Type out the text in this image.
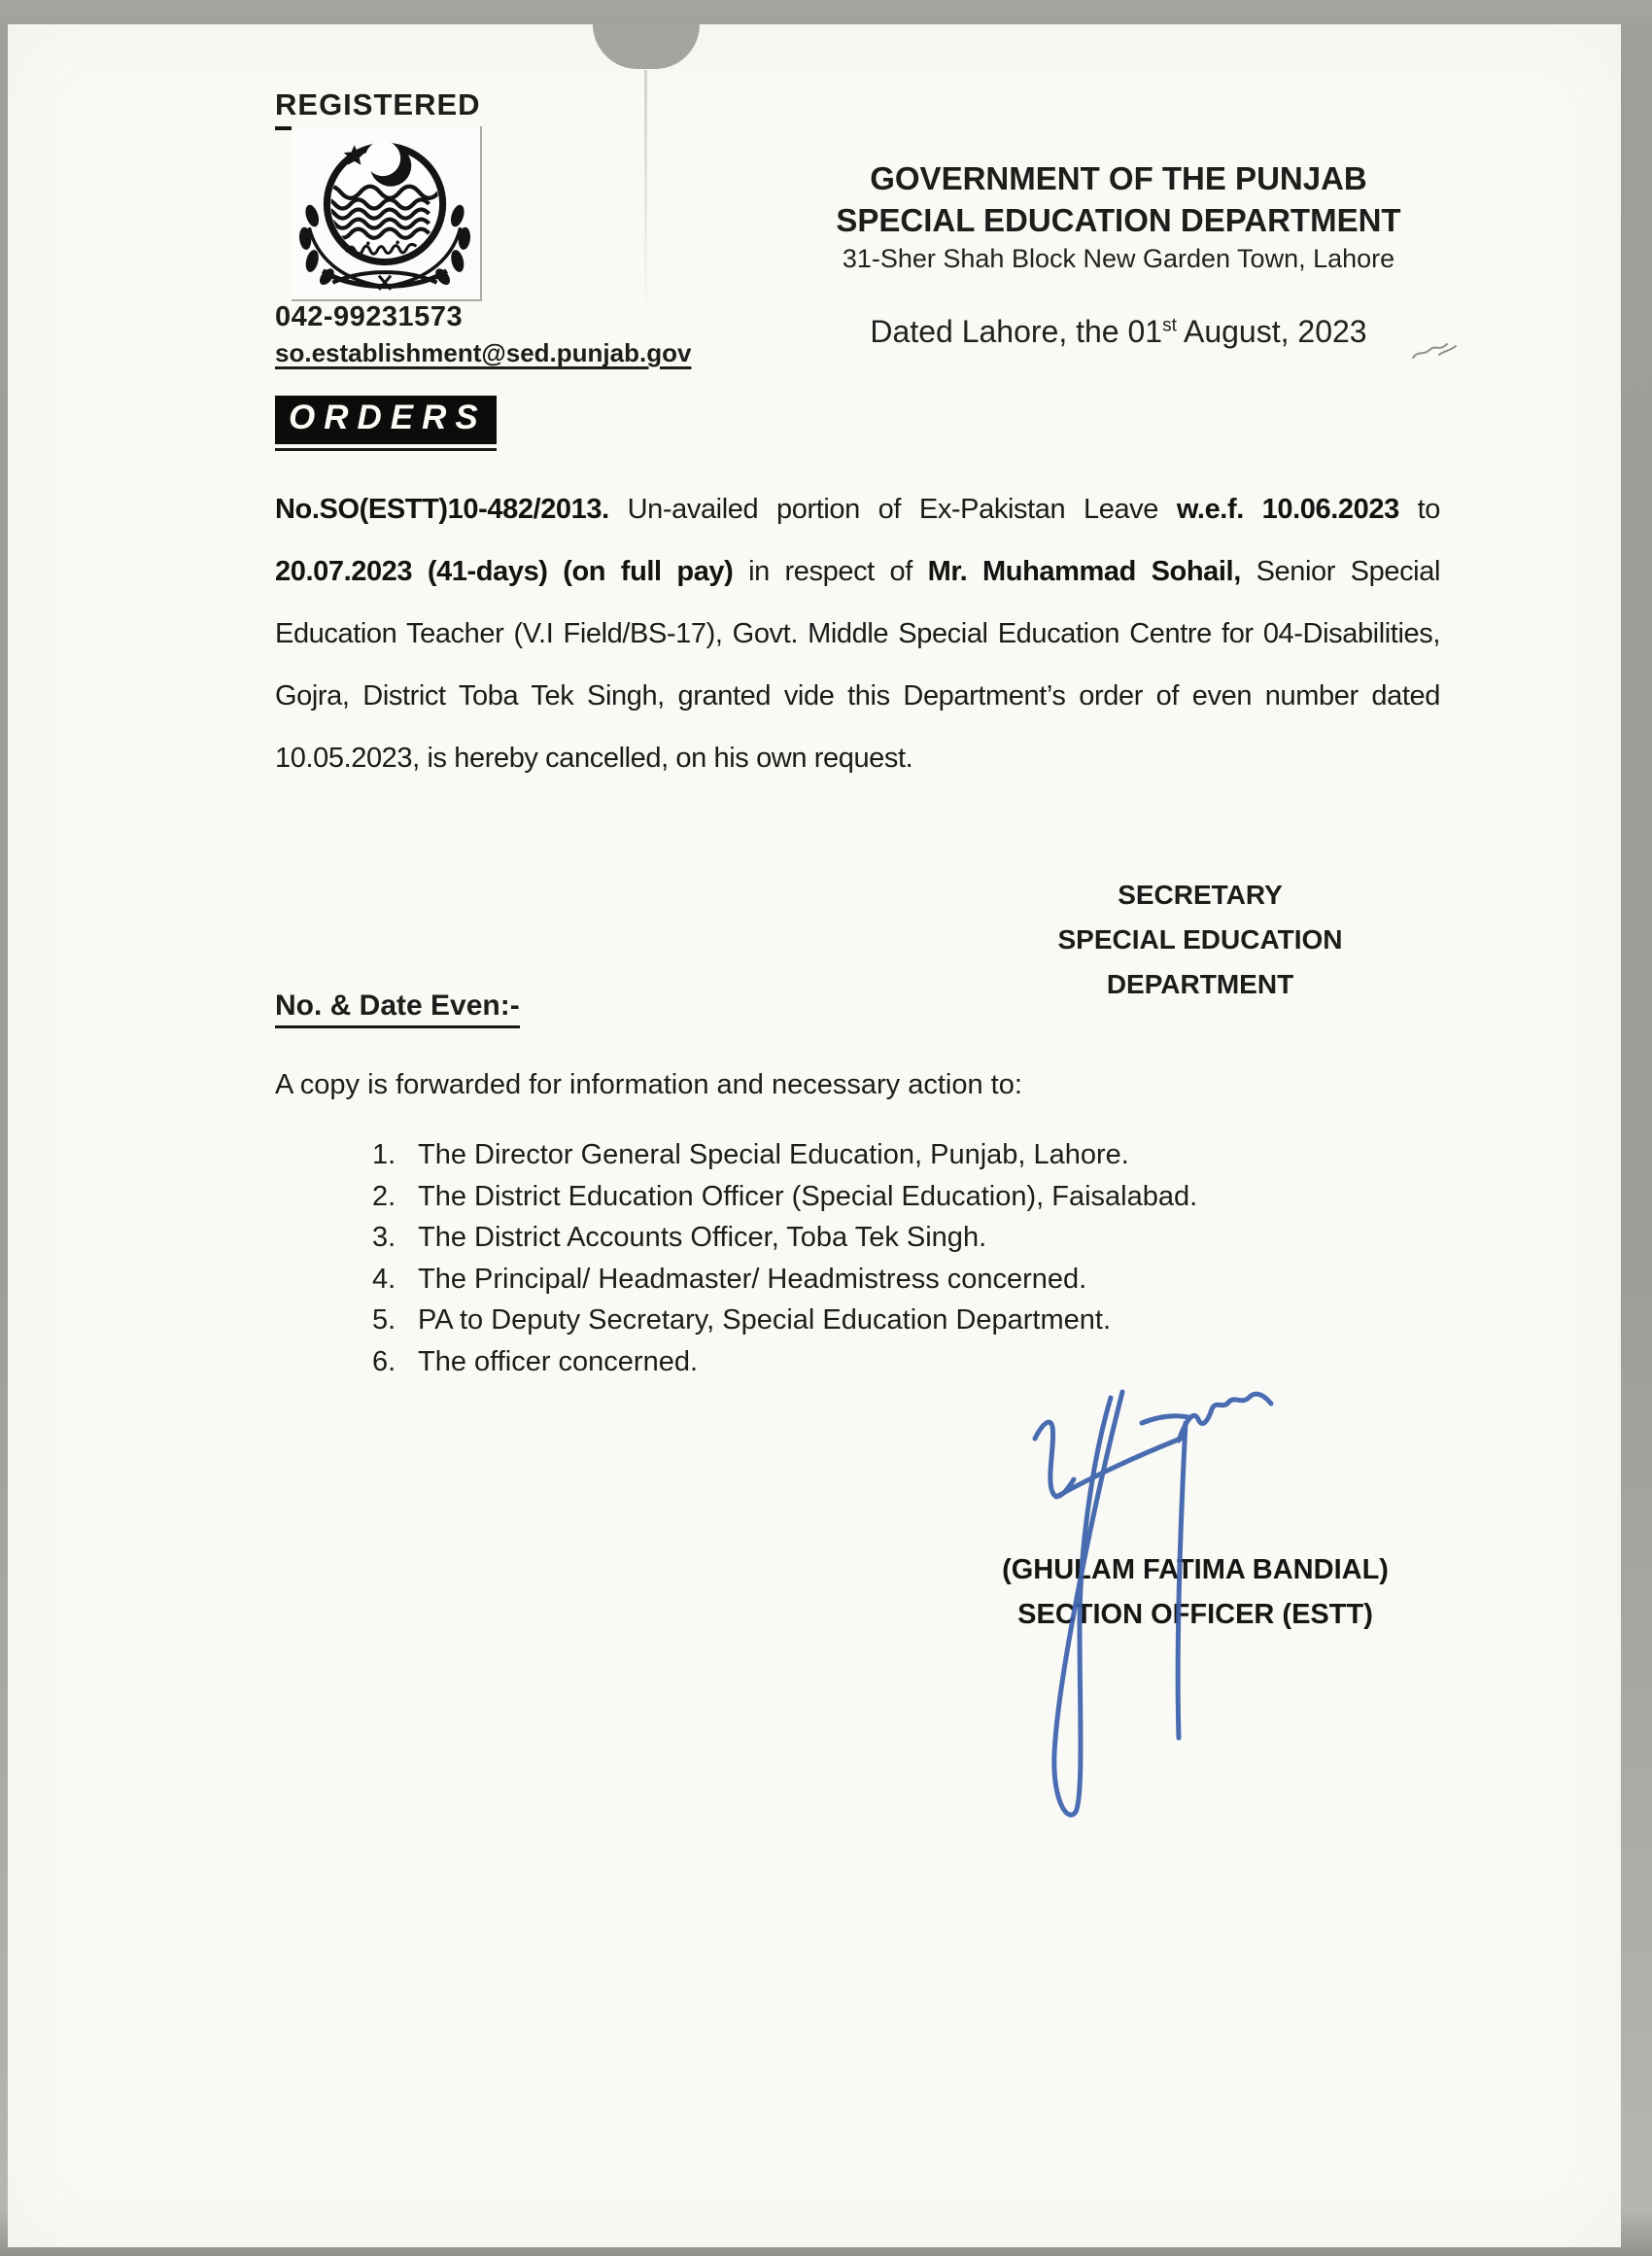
REGISTERED
042-99231573
so.establishment@sed.punjab.gov
GOVERNMENT OF THE PUNJAB
SPECIAL EDUCATION DEPARTMENT
31-Sher Shah Block New Garden Town, Lahore
Dated Lahore, the 01st August, 2023
ORDERS
No.SO(ESTT)10-482/2013. Un-availed portion of Ex-Pakistan Leave w.e.f. 10.06.2023 to 20.07.2023 (41-days) (on full pay) in respect of Mr. Muhammad Sohail, Senior Special Education Teacher (V.I Field/BS-17), Govt. Middle Special Education Centre for 04-Disabilities, Gojra, District Toba Tek Singh, granted vide this Department’s order of even number dated 10.05.2023, is hereby cancelled, on his own request.
SECRETARY
SPECIAL EDUCATION
DEPARTMENT
No. & Date Even:-
A copy is forwarded for information and necessary action to:
1. The Director General Special Education, Punjab, Lahore.
2. The District Education Officer (Special Education), Faisalabad.
3. The District Accounts Officer, Toba Tek Singh.
4. The Principal/ Headmaster/ Headmistress concerned.
5. PA to Deputy Secretary, Special Education Department.
6. The officer concerned.
(GHULAM FATIMA BANDIAL)
SECTION OFFICER (ESTT)
